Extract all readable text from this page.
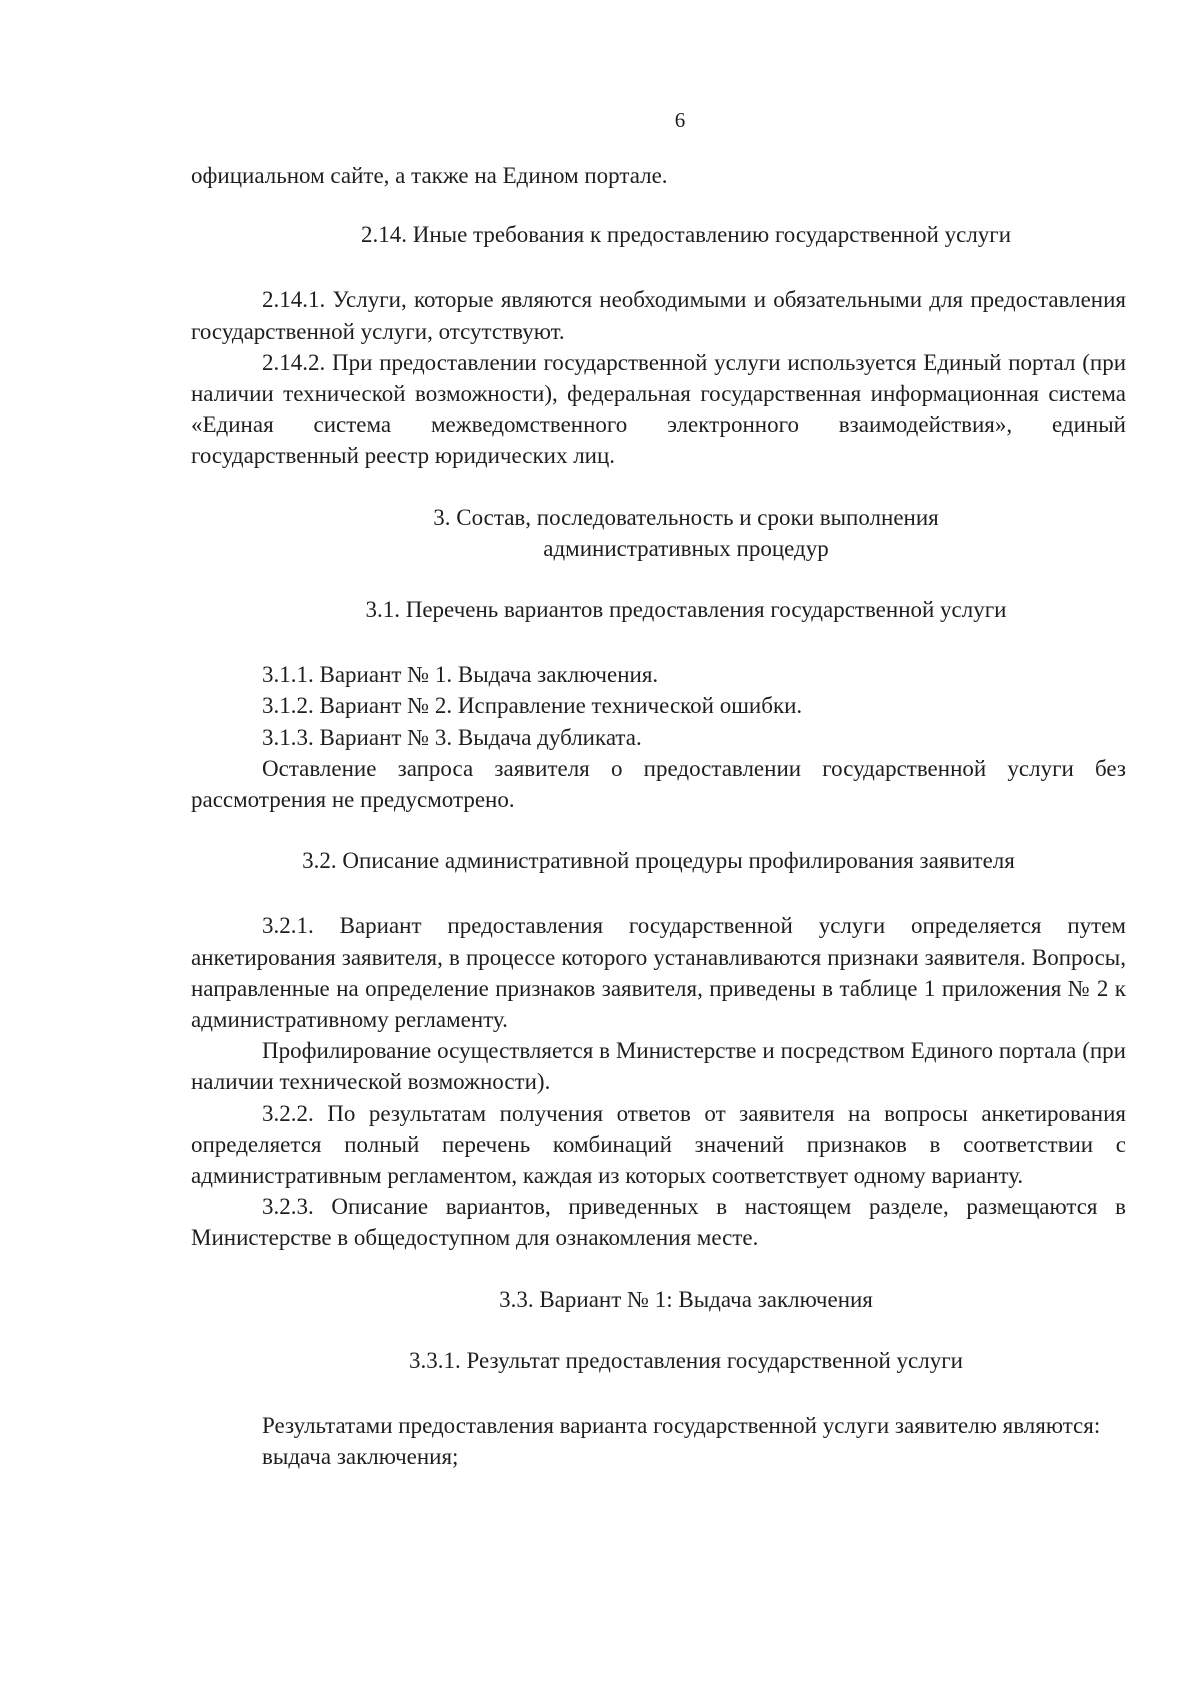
6

официальном сайте, а также на Едином портале.

2.14. Иные требования к предоставлению государственной услуги

2.14.1. Услуги, которые являются необходимыми и обязательными для предоставления государственной услуги, отсутствуют.

2.14.2. При предоставлении государственной услуги используется Единый портал (при наличии технической возможности), федеральная государственная информационная система «Единая система межведомственного электронного взаимодействия», единый государственный реестр юридических лиц.

3. Состав, последовательность и сроки выполнения

административных процедур

3.1. Перечень вариантов предоставления государственной услуги

3.1.1. Вариант № 1. Выдача заключения.

3.1.2. Вариант № 2. Исправление технической ошибки.

3.1.3. Вариант № 3. Выдача дубликата.

Оставление запроса заявителя о предоставлении государственной услуги без рассмотрения не предусмотрено.

3.2. Описание административной процедуры профилирования заявителя

3.2.1. Вариант предоставления государственной услуги определяется путем анкетирования заявителя, в процессе которого устанавливаются признаки заявителя. Вопросы, направленные на определение признаков заявителя, приведены в таблице 1 приложения № 2 к административному регламенту.

Профилирование осуществляется в Министерстве и посредством Единого портала (при наличии технической возможности).

3.2.2. По результатам получения ответов от заявителя на вопросы анкетирования определяется полный перечень комбинаций значений признаков в соответствии с административным регламентом, каждая из которых соответствует одному варианту.

3.2.3. Описание вариантов, приведенных в настоящем разделе, размещаются в Министерстве в общедоступном для ознакомления месте.

3.3. Вариант № 1: Выдача заключения

3.3.1. Результат предоставления государственной услуги

Результатами предоставления варианта государственной услуги заявителю являются:

выдача заключения;
